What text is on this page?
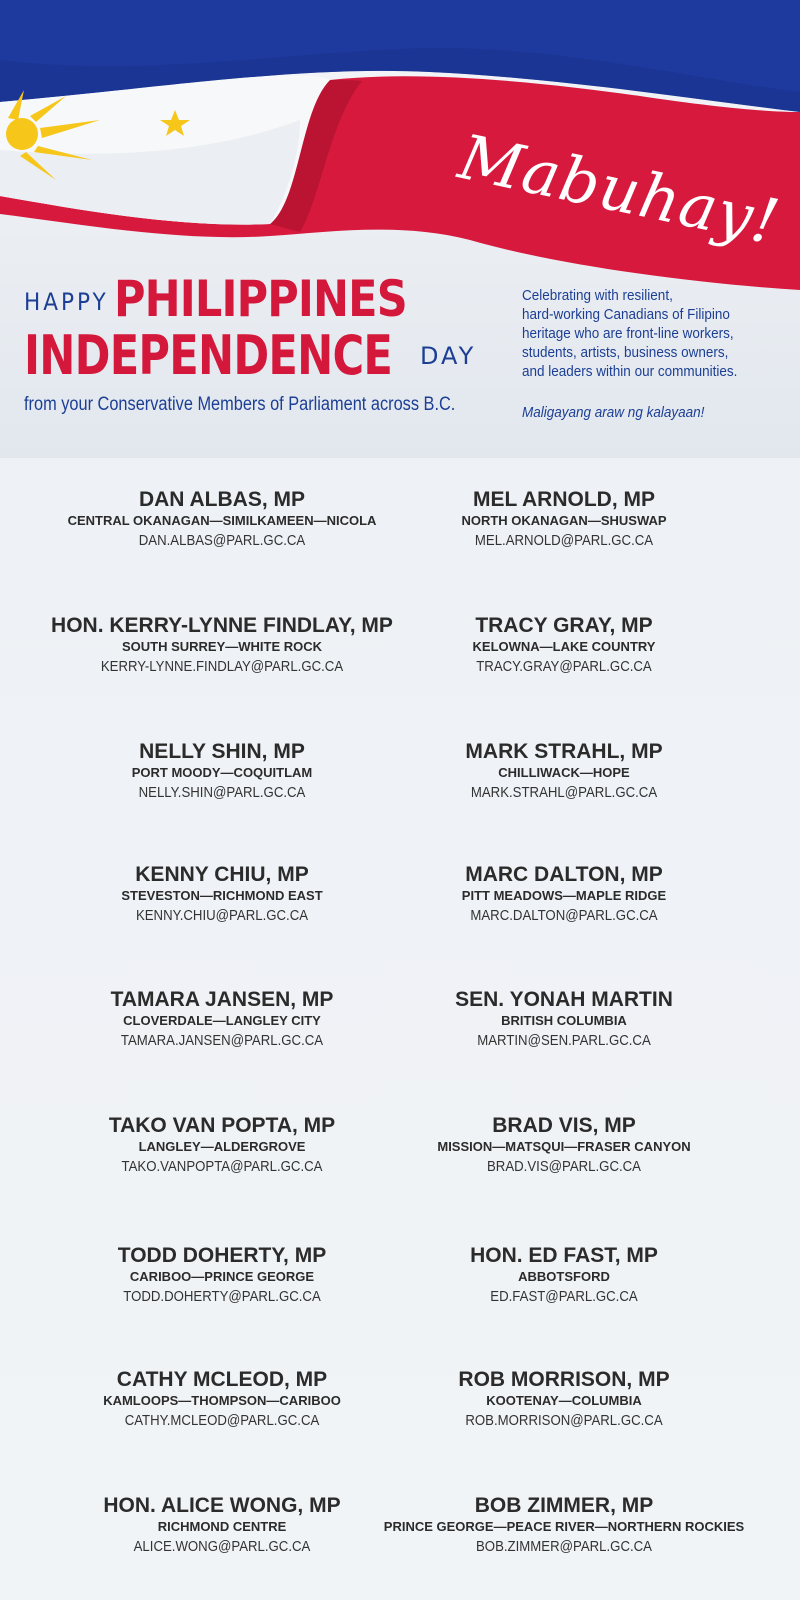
Mabuhay!
HAPPY PHILIPPINES
INDEPENDENCE DAY
from your Conservative Members of Parliament across B.C.
Celebrating with resilient,
hard-working Canadians of Filipino
heritage who are front-line workers,
students, artists, business owners,
and leaders within our communities.
Maligayang araw ng kalayaan!
DAN ALBAS, MP
CENTRAL OKANAGAN—SIMILKAMEEN—NICOLA
DAN.ALBAS@PARL.GC.CA
MEL ARNOLD, MP
NORTH OKANAGAN—SHUSWAP
MEL.ARNOLD@PARL.GC.CA
HON. KERRY-LYNNE FINDLAY, MP
SOUTH SURREY—WHITE ROCK
KERRY-LYNNE.FINDLAY@PARL.GC.CA
TRACY GRAY, MP
KELOWNA—LAKE COUNTRY
TRACY.GRAY@PARL.GC.CA
NELLY SHIN, MP
PORT MOODY—COQUITLAM
NELLY.SHIN@PARL.GC.CA
MARK STRAHL, MP
CHILLIWACK—HOPE
MARK.STRAHL@PARL.GC.CA
KENNY CHIU, MP
STEVESTON—RICHMOND EAST
KENNY.CHIU@PARL.GC.CA
MARC DALTON, MP
PITT MEADOWS—MAPLE RIDGE
MARC.DALTON@PARL.GC.CA
TAMARA JANSEN, MP
CLOVERDALE—LANGLEY CITY
TAMARA.JANSEN@PARL.GC.CA
SEN. YONAH MARTIN
BRITISH COLUMBIA
MARTIN@SEN.PARL.GC.CA
TAKO VAN POPTA, MP
LANGLEY—ALDERGROVE
TAKO.VANPOPTA@PARL.GC.CA
BRAD VIS, MP
MISSION—MATSQUI—FRASER CANYON
BRAD.VIS@PARL.GC.CA
TODD DOHERTY, MP
CARIBOO—PRINCE GEORGE
TODD.DOHERTY@PARL.GC.CA
HON. ED FAST, MP
ABBOTSFORD
ED.FAST@PARL.GC.CA
CATHY MCLEOD, MP
KAMLOOPS—THOMPSON—CARIBOO
CATHY.MCLEOD@PARL.GC.CA
ROB MORRISON, MP
KOOTENAY—COLUMBIA
ROB.MORRISON@PARL.GC.CA
HON. ALICE WONG, MP
RICHMOND CENTRE
ALICE.WONG@PARL.GC.CA
BOB ZIMMER, MP
PRINCE GEORGE—PEACE RIVER—NORTHERN ROCKIES
BOB.ZIMMER@PARL.GC.CA
